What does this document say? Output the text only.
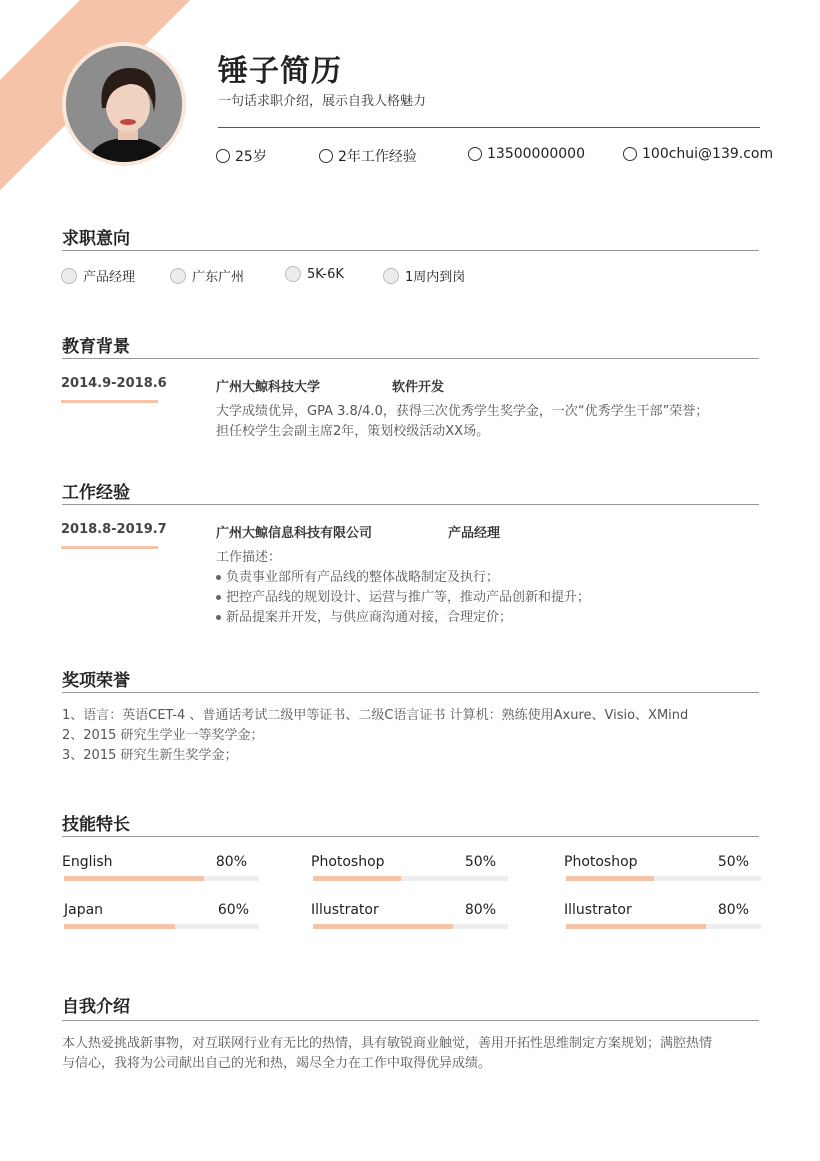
锤子简历
一句话求职介绍，展示自我人格魅力
25岁	2年工作经验	13500000000	100chui@139.com
求职意向
产品经理	广东广州	5K-6K	1周内到岗
教育背景
2014.9-2018.6	广州大鲸科技大学	软件开发
大学成绩优异，GPA 3.8/4.0，获得三次优秀学生奖学金，一次“优秀学生干部”荣誉；
担任校学生会副主席2年，策划校级活动XX场。
工作经验
2018.8-2019.7	广州大鲸信息科技有限公司	产品经理
工作描述：
负责事业部所有产品线的整体战略制定及执行；
把控产品线的规划设计、运营与推广等，推动产品创新和提升；
新品提案并开发，与供应商沟通对接，合理定价；
奖项荣誉
1、语言：英语CET-4 、普通话考试二级甲等证书、二级C语言证书 计算机：熟练使用Axure、Visio、XMind
2、2015 研究生学业一等奖学金；
3、2015 研究生新生奖学金；
技能特长
English	80%	Photoshop	50%	Photoshop	50%
Japan	60%	Illustrator	80%	Illustrator	80%
自我介绍
本人热爱挑战新事物，对互联网行业有无比的热情，具有敏锐商业触觉，善用开拓性思维制定方案规划；满腔热情
与信心，我将为公司献出自己的光和热，竭尽全力在工作中取得优异成绩。
